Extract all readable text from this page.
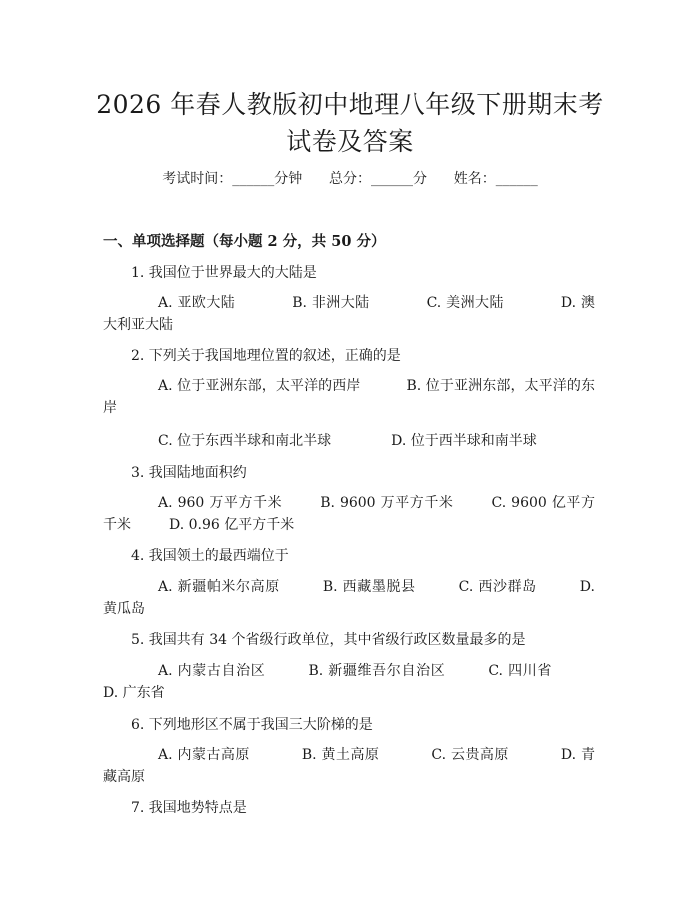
2026 年春人教版初中地理八年级下册期末考
试卷及答案
考试时间：______分钟 总分：______分 姓名：______
一、单项选择题（每小题 2 分，共 50 分）
1. 我国位于世界最大的大陆是
A. 亚欧大陆	B. 非洲大陆	C. 美洲大陆	D. 澳大利亚大陆
2. 下列关于我国地理位置的叙述，正确的是
A. 位于亚洲东部，太平洋的西岸	B. 位于亚洲东部，太平洋的东岸
C. 位于东西半球和南北半球	D. 位于西半球和南半球
3. 我国陆地面积约
A. 960 万平方千米	B. 9600 万平方千米	C. 9600 亿平方千米	D. 0.96 亿平方千米
4. 我国领土的最西端位于
A. 新疆帕米尔高原	B. 西藏墨脱县	C. 西沙群岛	D. 黄瓜岛
5. 我国共有 34 个省级行政单位，其中省级行政区数量最多的是
A. 内蒙古自治区	B. 新疆维吾尔自治区	C. 四川省D. 广东省
6. 下列地形区不属于我国三大阶梯的是
A. 内蒙古高原	B. 黄土高原	C. 云贵高原	D. 青藏高原
7. 我国地势特点是
